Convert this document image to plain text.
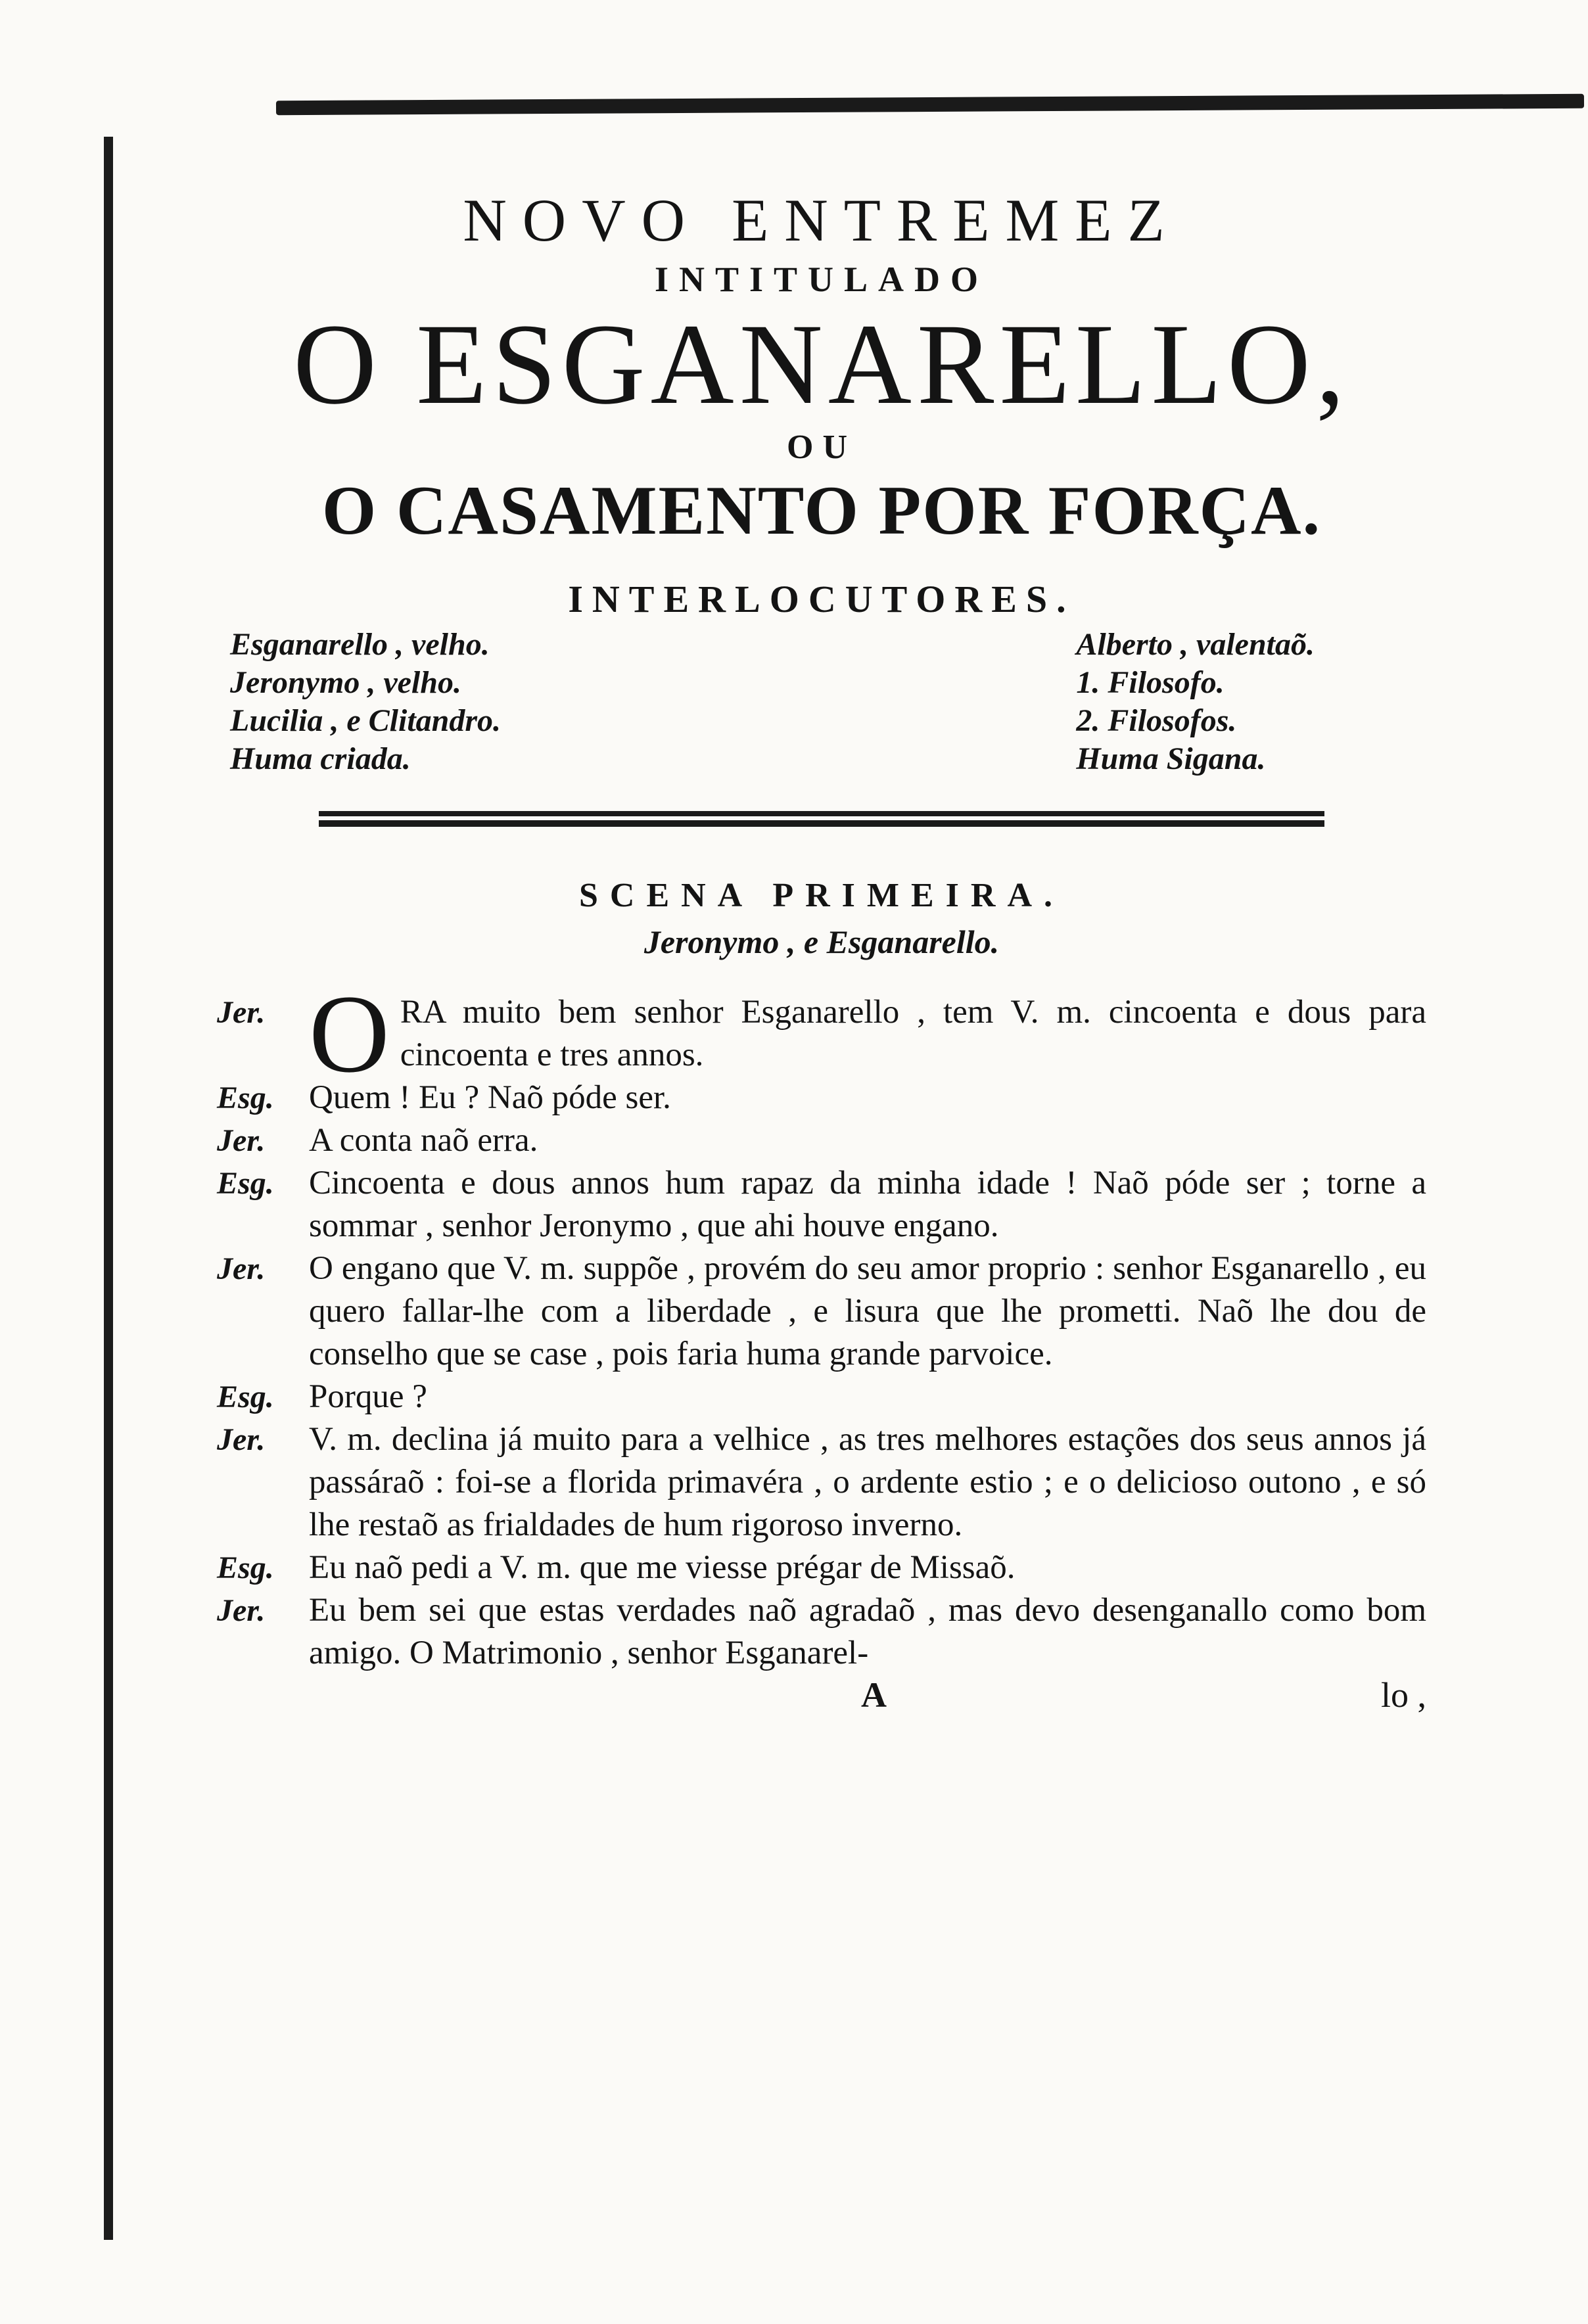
NOVO ENTREMEZ
INTITULADO
O ESGANARELLO,
OU
O CASAMENTO POR FORÇA.
INTERLOCUTORES.
Esganarello , velho.
Jeronymo , velho.
Lucilia , e Clitandro.
Huma criada.
Alberto , valentaõ.
1. Filosofo.
2. Filosofos.
Huma Sigana.
SCENA PRIMEIRA.
Jeronymo , e Esganarello.
Jer. ORA muito bem senhor Esganarello , tem V. m. cincoenta e dous para cincoenta e tres annos.
Esg.	Quem ! Eu ? Naõ póde ser.
Jer.	A conta naõ erra.
Esg.	Cincoenta e dous annos hum rapaz da minha idade ! Naõ póde ser ; torne a sommar , senhor Jeronymo , que ahi houve engano.
Jer.	O engano que V. m. suppõe , provém do seu amor proprio : senhor Esganarello , eu quero fallar-lhe com a liberdade , e lisura que lhe prometti. Naõ lhe dou de conselho que se case , pois faria huma grande parvoice.
Esg.	Porque ?
Jer.	V. m. declina já muito para a velhice , as tres melhores estações dos seus annos já passáraõ : foi-se a florida primavéra , o ardente estio ; e o delicioso outono , e só lhe restaõ as frialdades de hum rigoroso inverno.
Esg.	Eu naõ pedi a V. m. que me viesse prégar de Missaõ.
Jer.	Eu bem sei que estas verdades naõ agradaõ , mas devo desenganallo como bom amigo. O Matrimonio , senhor Esganarel-
A	lo ,
